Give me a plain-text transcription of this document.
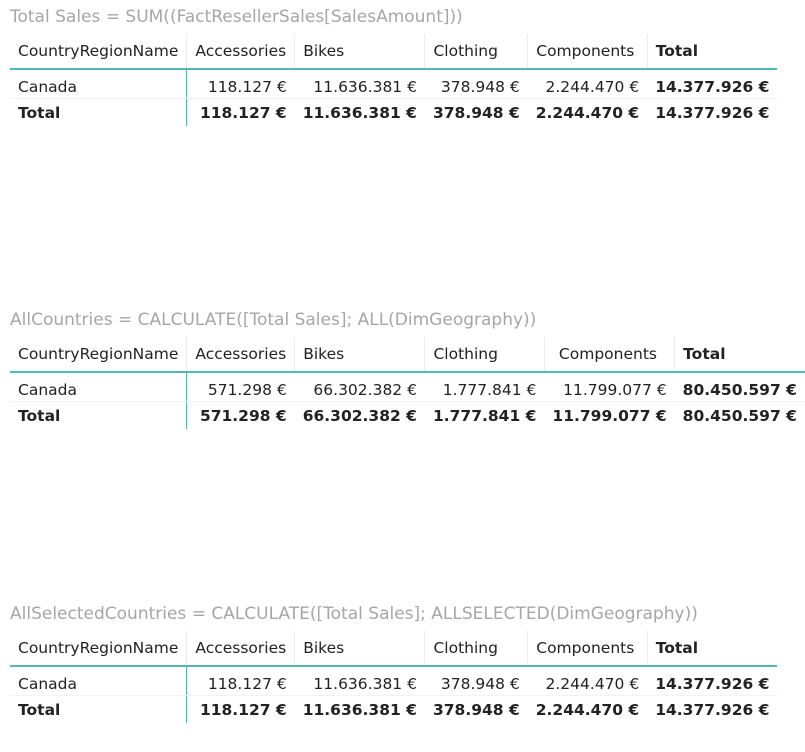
Total Sales = SUM((FactResellerSales[SalesAmount]))
CountryRegionName	Accessories	Bikes	Clothing	Components	Total
Canada	118.127 €	11.636.381 €	378.948 €	2.244.470 €	14.377.926 €
Total	118.127 €	11.636.381 €	378.948 €	2.244.470 €	14.377.926 €
AllCountries = CALCULATE([Total Sales]; ALL(DimGeography))
CountryRegionName	Accessories	Bikes	Clothing	Components	Total
Canada	571.298 €	66.302.382 €	1.777.841 €	11.799.077 €	80.450.597 €
Total	571.298 €	66.302.382 €	1.777.841 €	11.799.077 €	80.450.597 €
AllSelectedCountries = CALCULATE([Total Sales]; ALLSELECTED(DimGeography))
CountryRegionName	Accessories	Bikes	Clothing	Components	Total
Canada	118.127 €	11.636.381 €	378.948 €	2.244.470 €	14.377.926 €
Total	118.127 €	11.636.381 €	378.948 €	2.244.470 €	14.377.926 €
